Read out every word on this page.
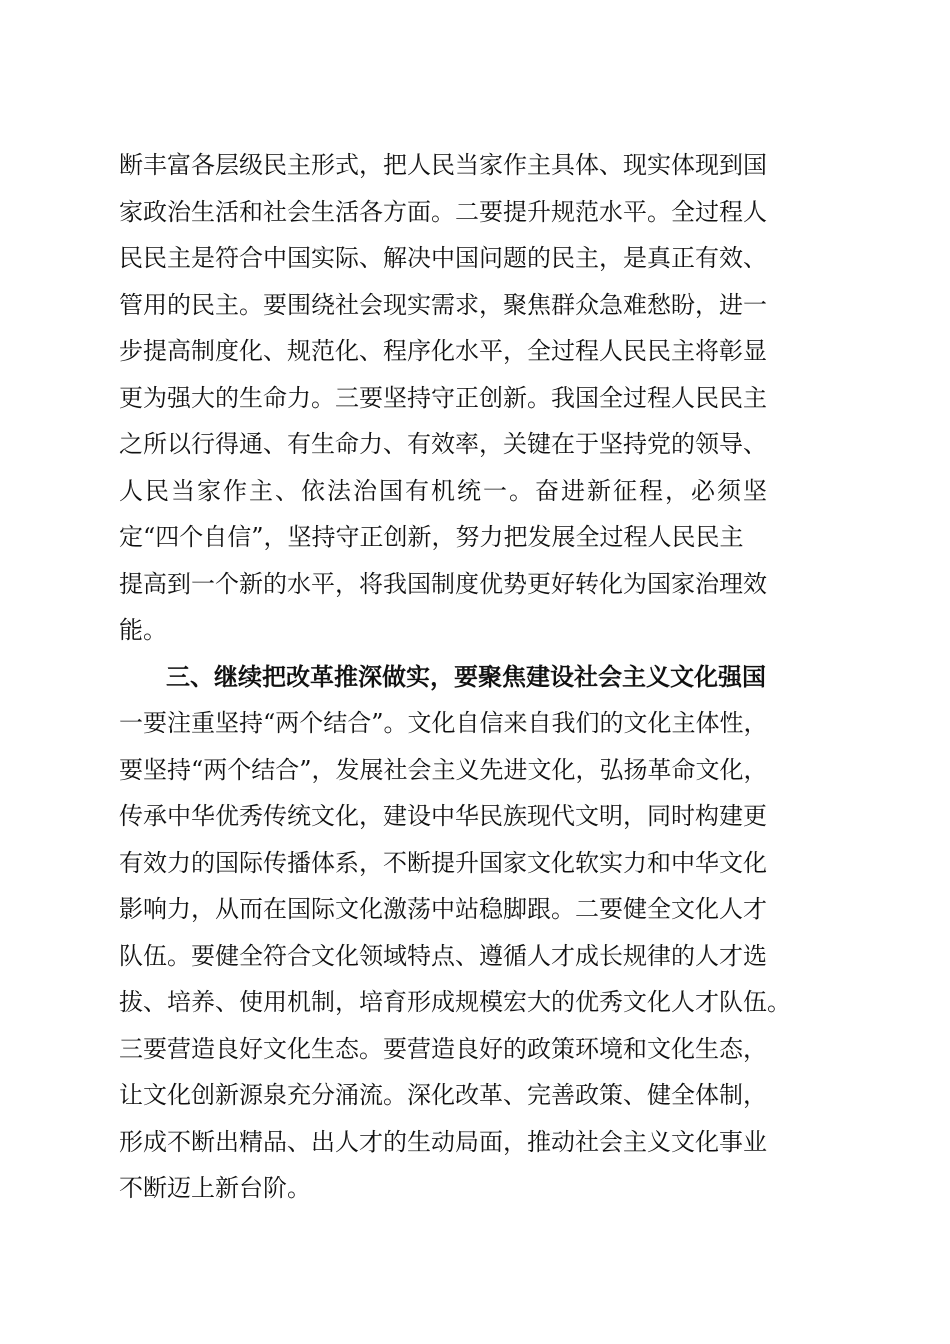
断丰富各层级民主形式，把人民当家作主具体、现实体现到国
家政治生活和社会生活各方面。二要提升规范水平。全过程人
民民主是符合中国实际、解决中国问题的民主，是真正有效、
管用的民主。要围绕社会现实需求，聚焦群众急难愁盼，进一
步提高制度化、规范化、程序化水平，全过程人民民主将彰显
更为强大的生命力。三要坚持守正创新。我国全过程人民民主
之所以行得通、有生命力、有效率，关键在于坚持党的领导、
人民当家作主、依法治国有机统一。奋进新征程，必须坚
定“四个自信”，坚持守正创新，努力把发展全过程人民民主
提高到一个新的水平，将我国制度优势更好转化为国家治理效
能。
三、继续把改革推深做实，要聚焦建设社会主义文化强国
一要注重坚持“两个结合”。文化自信来自我们的文化主体性，
要坚持“两个结合”，发展社会主义先进文化，弘扬革命文化，
传承中华优秀传统文化，建设中华民族现代文明，同时构建更
有效力的国际传播体系，不断提升国家文化软实力和中华文化
影响力，从而在国际文化激荡中站稳脚跟。二要健全文化人才
队伍。要健全符合文化领域特点、遵循人才成长规律的人才选
拔、培养、使用机制，培育形成规模宏大的优秀文化人才队伍。
三要营造良好文化生态。要营造良好的政策环境和文化生态，
让文化创新源泉充分涌流。深化改革、完善政策、健全体制，
形成不断出精品、出人才的生动局面，推动社会主义文化事业
不断迈上新台阶。
